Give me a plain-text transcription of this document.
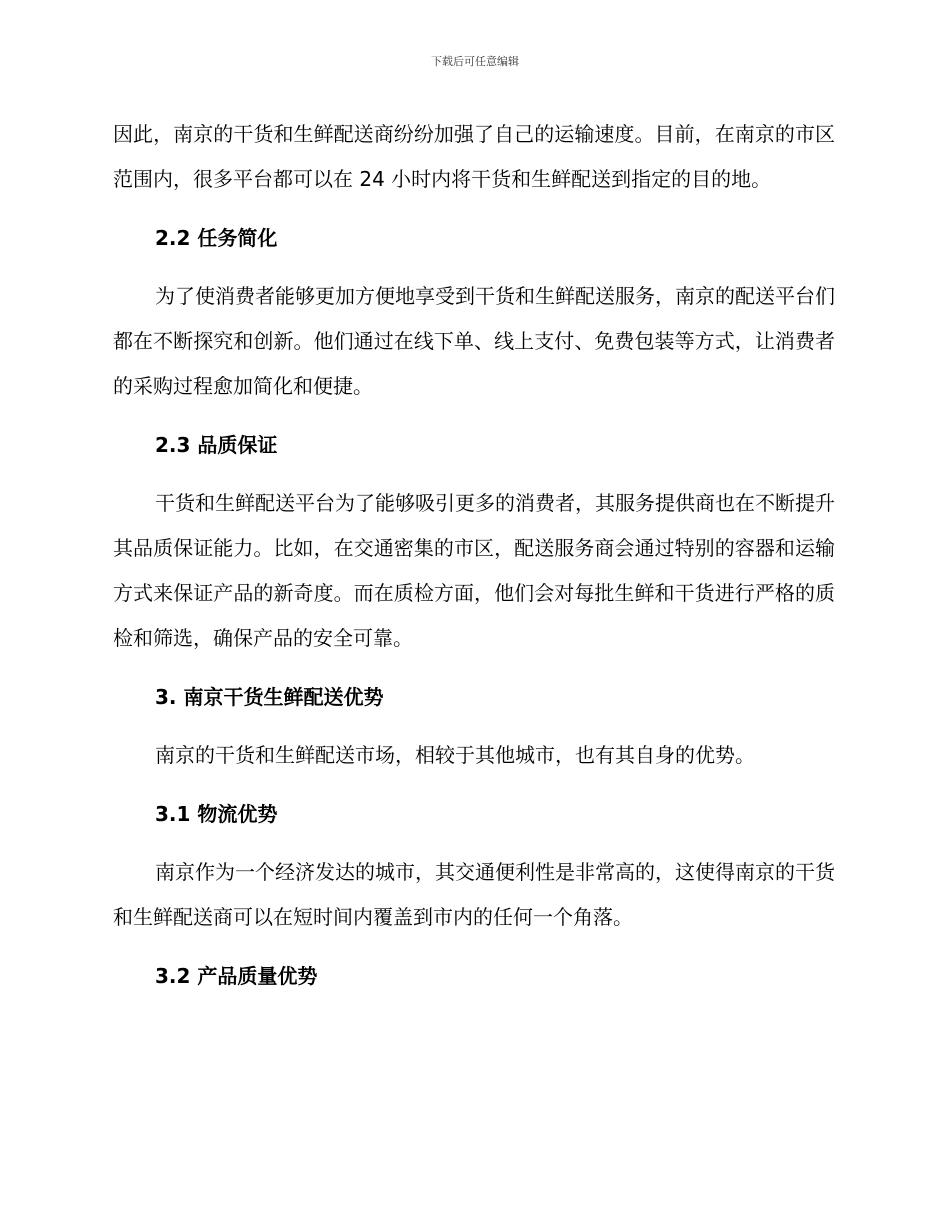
下载后可任意编辑

因此，南京的干货和生鲜配送商纷纷加强了自己的运输速度。目前，在南京的市区范围内，很多平台都可以在 24 小时内将干货和生鲜配送到指定的目的地。

2.2 任务简化

为了使消费者能够更加方便地享受到干货和生鲜配送服务，南京的配送平台们都在不断探究和创新。他们通过在线下单、线上支付、免费包装等方式，让消费者的采购过程愈加简化和便捷。

2.3 品质保证

干货和生鲜配送平台为了能够吸引更多的消费者，其服务提供商也在不断提升其品质保证能力。比如，在交通密集的市区，配送服务商会通过特别的容器和运输方式来保证产品的新奇度。而在质检方面，他们会对每批生鲜和干货进行严格的质检和筛选，确保产品的安全可靠。

3. 南京干货生鲜配送优势

南京的干货和生鲜配送市场，相较于其他城市，也有其自身的优势。

3.1 物流优势

南京作为一个经济发达的城市，其交通便利性是非常高的，这使得南京的干货和生鲜配送商可以在短时间内覆盖到市内的任何一个角落。

3.2 产品质量优势
